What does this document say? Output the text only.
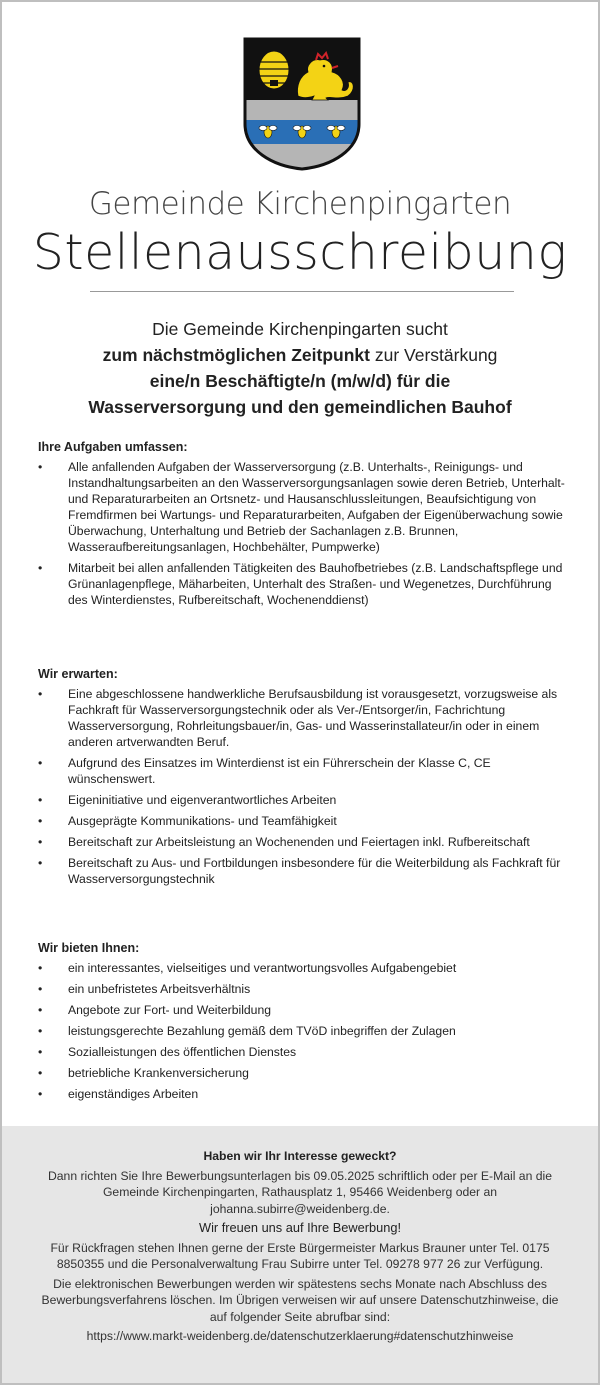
Gemeinde Kirchenpingarten
Stellenausschreibung
Die Gemeinde Kirchenpingarten sucht
zum nächstmöglichen Zeitpunkt zur Verstärkung
eine/n Beschäftigte/n (m/w/d) für die
Wasserversorgung und den gemeindlichen Bauhof
Ihre Aufgaben umfassen:
• Alle anfallenden Aufgaben der Wasserversorgung (z.B. Unterhalts-, Reinigungs- und Instandhaltungsarbeiten an den Wasserversorgungsanlagen sowie deren Betrieb, Unterhalt- und Reparaturarbeiten an Ortsnetz- und Hausanschlussleitungen, Beaufsichtigung von Fremdfirmen bei Wartungs- und Reparaturarbeiten, Aufgaben der Eigenüberwachung sowie Überwachung, Unterhaltung und Betrieb der Sachanlagen z.B. Brunnen, Wasseraufbereitungsanlagen, Hochbehälter, Pumpwerke)
• Mitarbeit bei allen anfallenden Tätigkeiten des Bauhofbetriebes (z.B. Landschaftspflege und Grünanlagenpflege, Mäharbeiten, Unterhalt des Straßen- und Wegenetzes, Durchführung des Winterdienstes, Rufbereitschaft, Wochenenddienst)
Wir erwarten:
• Eine abgeschlossene handwerkliche Berufsausbildung ist vorausgesetzt, vorzugsweise als Fachkraft für Wasserversorgungstechnik oder als Ver-/Entsorger/in, Fachrichtung Wasserversorgung, Rohrleitungsbauer/in, Gas- und Wasserinstallateur/in oder in einem anderen artverwandten Beruf.
• Aufgrund des Einsatzes im Winterdienst ist ein Führerschein der Klasse C, CE wünschenswert.
• Eigeninitiative und eigenverantwortliches Arbeiten
• Ausgeprägte Kommunikations- und Teamfähigkeit
• Bereitschaft zur Arbeitsleistung an Wochenenden und Feiertagen inkl. Rufbereitschaft
• Bereitschaft zu Aus- und Fortbildungen insbesondere für die Weiterbildung als Fachkraft für Wasserversorgungstechnik
Wir bieten Ihnen:
• ein interessantes, vielseitiges und verantwortungsvolles Aufgabengebiet
• ein unbefristetes Arbeitsverhältnis
• Angebote zur Fort- und Weiterbildung
• leistungsgerechte Bezahlung gemäß dem TVöD inbegriffen der Zulagen
• Sozialleistungen des öffentlichen Dienstes
• betriebliche Krankenversicherung
• eigenständiges Arbeiten

Haben wir Ihr Interesse geweckt?

Dann richten Sie Ihre Bewerbungsunterlagen bis 09.05.2025 schriftlich oder per E-Mail an die Gemeinde Kirchenpingarten, Rathausplatz 1, 95466 Weidenberg oder an johanna.subirre@weidenberg.de.

Wir freuen uns auf Ihre Bewerbung!

Für Rückfragen stehen Ihnen gerne der Erste Bürgermeister Markus Brauner unter Tel. 0175 8850355 und die Personalverwaltung Frau Subirre unter Tel. 09278 977 26 zur Verfügung.

Die elektronischen Bewerbungen werden wir spätestens sechs Monate nach Abschluss des Bewerbungsverfahrens löschen. Im Übrigen verweisen wir auf unsere Datenschutzhinweise, die auf folgender Seite abrufbar sind:

https://www.markt-weidenberg.de/datenschutzerklaerung#datenschutzhinweise
